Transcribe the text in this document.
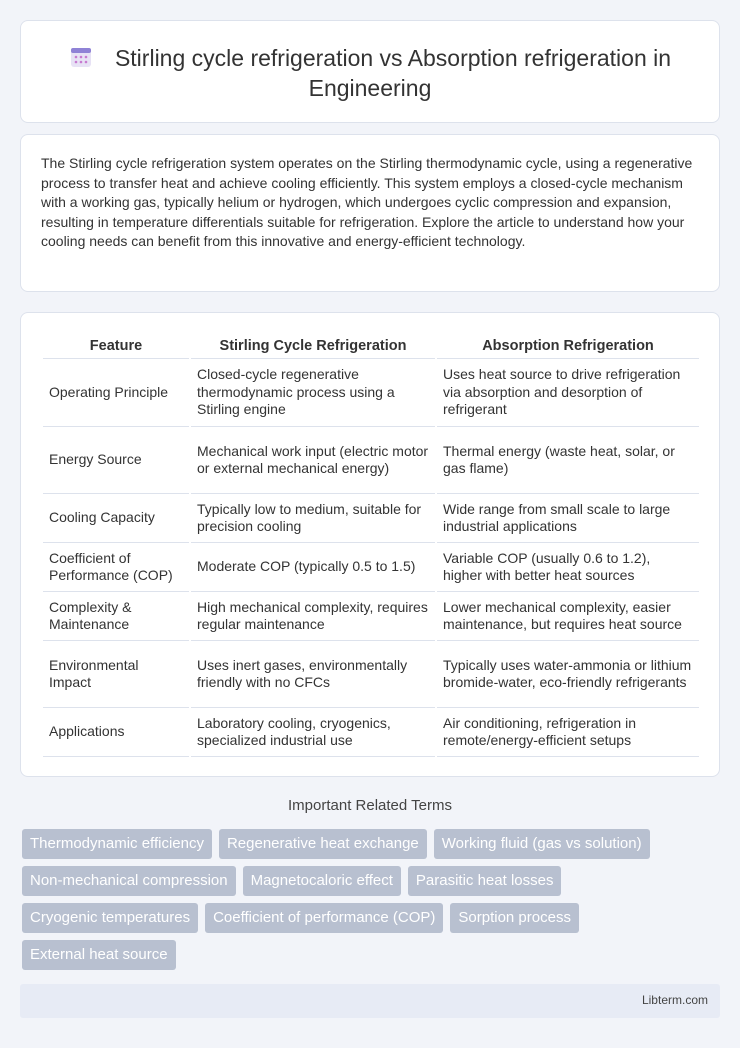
Stirling cycle refrigeration vs Absorption refrigeration in Engineering

The Stirling cycle refrigeration system operates on the Stirling thermodynamic cycle, using a regenerative process to transfer heat and achieve cooling efficiently. This system employs a closed-cycle mechanism with a working gas, typically helium or hydrogen, which undergoes cyclic compression and expansion, resulting in temperature differentials suitable for refrigeration. Explore the article to understand how your cooling needs can benefit from this innovative and energy-efficient technology.

Feature	Stirling Cycle Refrigeration	Absorption Refrigeration
Operating Principle	Closed-cycle regenerative thermodynamic process using a Stirling engine	Uses heat source to drive refrigeration via absorption and desorption of refrigerant
Energy Source	Mechanical work input (electric motor or external mechanical energy)	Thermal energy (waste heat, solar, or gas flame)
Cooling Capacity	Typically low to medium, suitable for precision cooling	Wide range from small scale to large industrial applications
Coefficient of Performance (COP)	Moderate COP (typically 0.5 to 1.5)	Variable COP (usually 0.6 to 1.2), higher with better heat sources
Complexity & Maintenance	High mechanical complexity, requires regular maintenance	Lower mechanical complexity, easier maintenance, but requires heat source
Environmental Impact	Uses inert gases, environmentally friendly with no CFCs	Typically uses water-ammonia or lithium bromide-water, eco-friendly refrigerants
Applications	Laboratory cooling, cryogenics, specialized industrial use	Air conditioning, refrigeration in remote/energy-efficient setups
Important Related Terms
Thermodynamic efficiency	Regenerative heat exchange	Working fluid (gas vs solution)
Non-mechanical compression	Magnetocaloric effect	Parasitic heat losses
Cryogenic temperatures	Coefficient of performance (COP)	Sorption process
External heat source
Libterm.com
